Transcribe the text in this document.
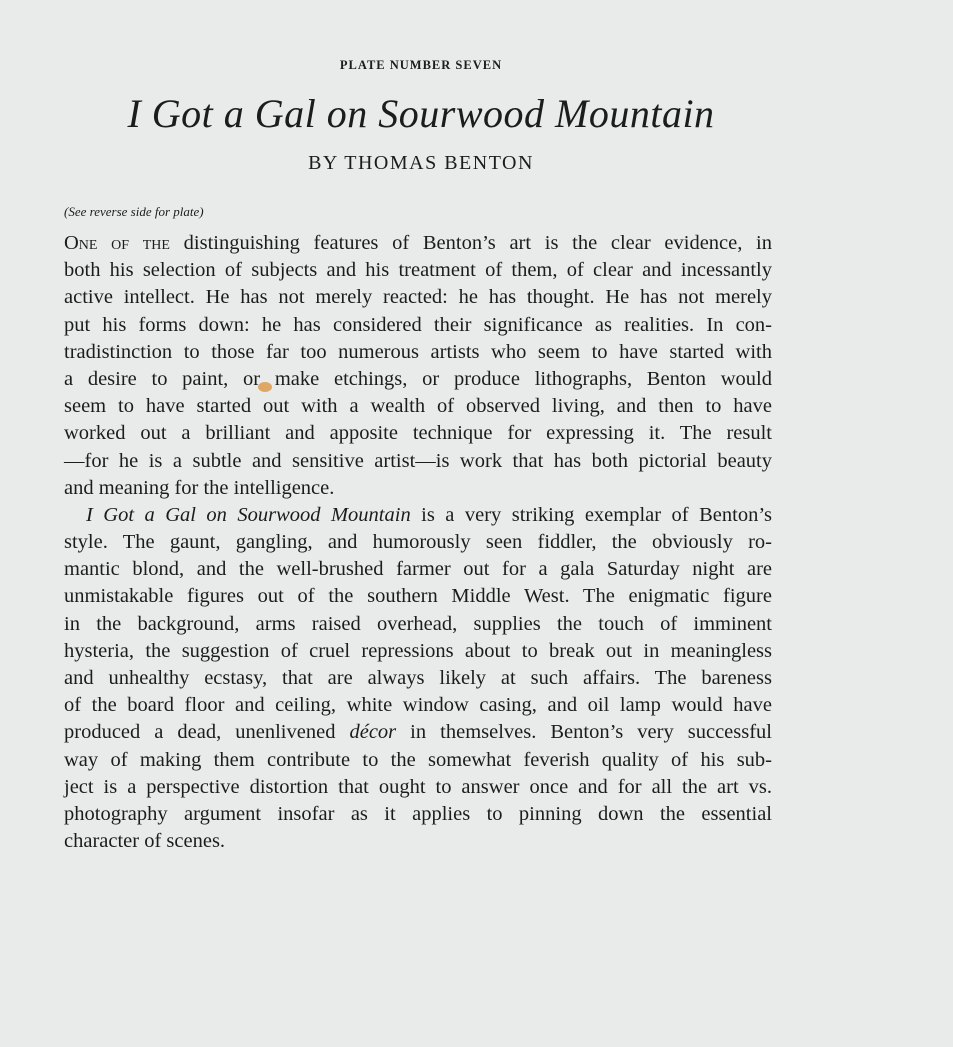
PLATE NUMBER SEVEN
I Got a Gal on Sourwood Mountain
BY THOMAS BENTON
(See reverse side for plate)
One of the distinguishing features of Benton’s art is the clear evidence, in
both his selection of subjects and his treatment of them, of clear and incessantly
active intellect. He has not merely reacted: he has thought. He has not merely
put his forms down: he has considered their significance as realities. In con-
tradistinction to those far too numerous artists who seem to have started with
a desire to paint, or make etchings, or produce lithographs, Benton would
seem to have started out with a wealth of observed living, and then to have
worked out a brilliant and apposite technique for expressing it. The result
—for he is a subtle and sensitive artist—is work that has both pictorial beauty
and meaning for the intelligence.
I Got a Gal on Sourwood Mountain is a very striking exemplar of Benton’s
style. The gaunt, gangling, and humorously seen fiddler, the obviously ro-
mantic blond, and the well-brushed farmer out for a gala Saturday night are
unmistakable figures out of the southern Middle West. The enigmatic figure
in the background, arms raised overhead, supplies the touch of imminent
hysteria, the suggestion of cruel repressions about to break out in meaningless
and unhealthy ecstasy, that are always likely at such affairs. The bareness
of the board floor and ceiling, white window casing, and oil lamp would have
produced a dead, unenlivened décor in themselves. Benton’s very successful
way of making them contribute to the somewhat feverish quality of his sub-
ject is a perspective distortion that ought to answer once and for all the art vs.
photography argument insofar as it applies to pinning down the essential
character of scenes.
